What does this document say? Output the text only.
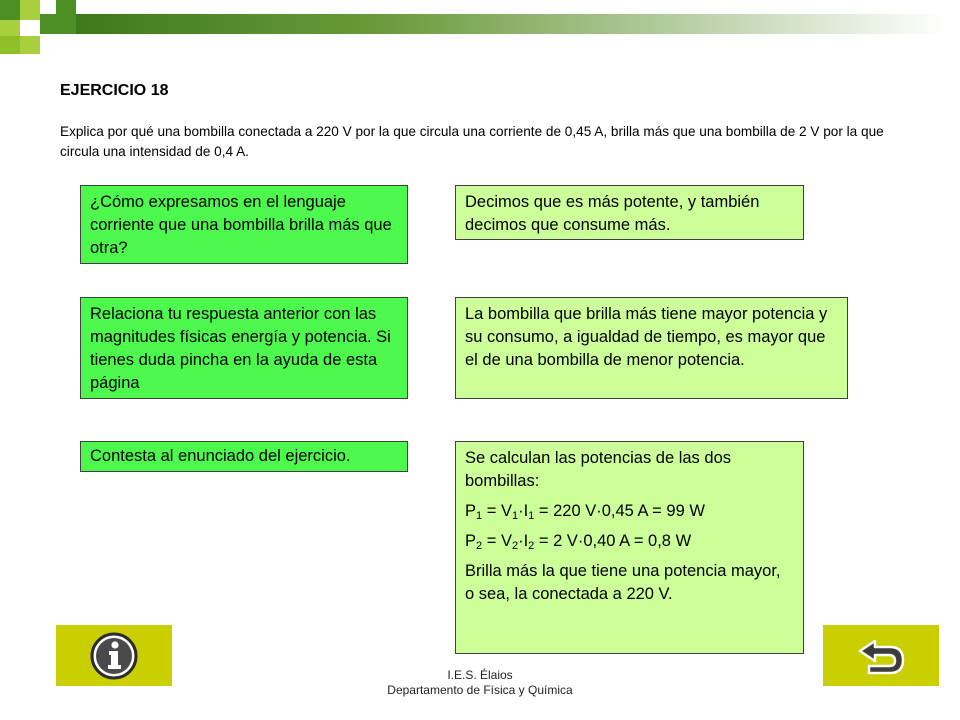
EJERCICIO 18
Explica por qué una bombilla conectada a 220 V por la que circula una corriente de 0,45 A, brilla más que una bombilla de 2 V por la que circula una intensidad de 0,4 A.
¿Cómo expresamos en el lenguaje corriente que una bombilla brilla más que otra?
Decimos que es más potente, y también decimos que consume más.
Relaciona tu respuesta anterior con las magnitudes físicas energía y potencia. Si tienes duda pincha en la ayuda de esta página
La bombilla que brilla más tiene mayor potencia y su consumo, a igualdad de tiempo, es mayor que el de una bombilla de menor potencia.
Contesta al enunciado del ejercicio.	Se calculan las potencias de las dos bombillas:

$P_1 = V_1\cdot I_1 = 220$ V·0,45 A = 99 W

$P_2 = V_2\cdot I_2 = 2$ V·0,40 A = 0,8 W

Brilla más la que tiene una potencia mayor, o sea, la conectada a 220 V.

I.E.S. Élaios
Departamento de Física y Química
